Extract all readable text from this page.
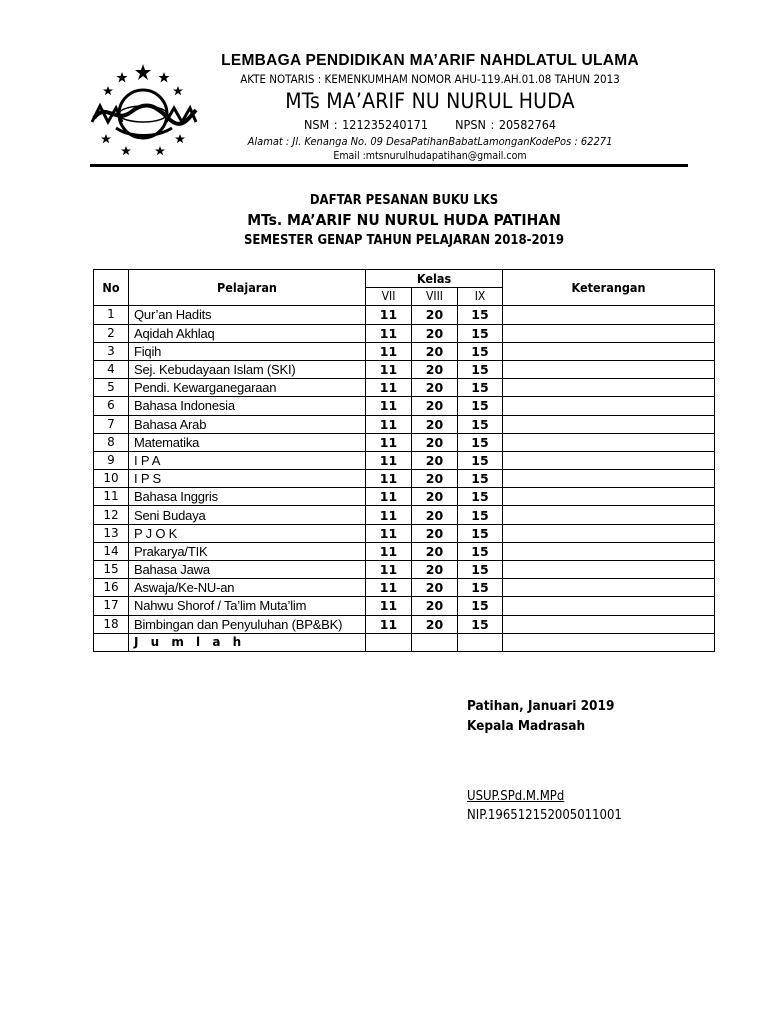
LEMBAGA PENDIDIKAN MA’ARIF NAHDLATUL ULAMA
AKTE NOTARIS : KEMENKUMHAM NOMOR AHU-119.AH.01.08 TAHUN 2013
MTs MA’ARIF NU NURUL HUDA
NSM : 121235240171 NPSN : 20582764
Alamat : Jl. Kenanga No. 09 DesaPatihanBabatLamonganKodePos : 62271
Email :mtsnurulhudapatihan@gmail.com
DAFTAR PESANAN BUKU LKS
MTs. MA’ARIF NU NURUL HUDA PATIHAN
SEMESTER GENAP TAHUN PELAJARAN 2018-2019
No	Pelajaran	Kelas			Keterangan
		VII	VIII	IX	
1	Qur’an Hadits	11	20	15	
2	Aqidah Akhlaq	11	20	15	
3	Fiqih	11	20	15	
4	Sej. Kebudayaan Islam (SKI)	11	20	15	
5	Pendi. Kewarganegaraan	11	20	15	
6	Bahasa Indonesia	11	20	15	
7	Bahasa Arab	11	20	15	
8	Matematika	11	20	15	
9	I P A	11	20	15	
10	I P S	11	20	15	
11	Bahasa Inggris	11	20	15	
12	Seni Budaya	11	20	15	
13	P J O K	11	20	15	
14	Prakarya/TIK	11	20	15	
15	Bahasa Jawa	11	20	15	
16	Aswaja/Ke-NU-an	11	20	15	
17	Nahwu Shorof / Ta’lim Muta’lim	11	20	15	
18	Bimbingan dan Penyuluhan (BP&BK)	11	20	15	
	J u m l a h				
Patihan, Januari 2019
Kepala Madrasah
USUP.SPd.M.MPd
NIP.196512152005011001
